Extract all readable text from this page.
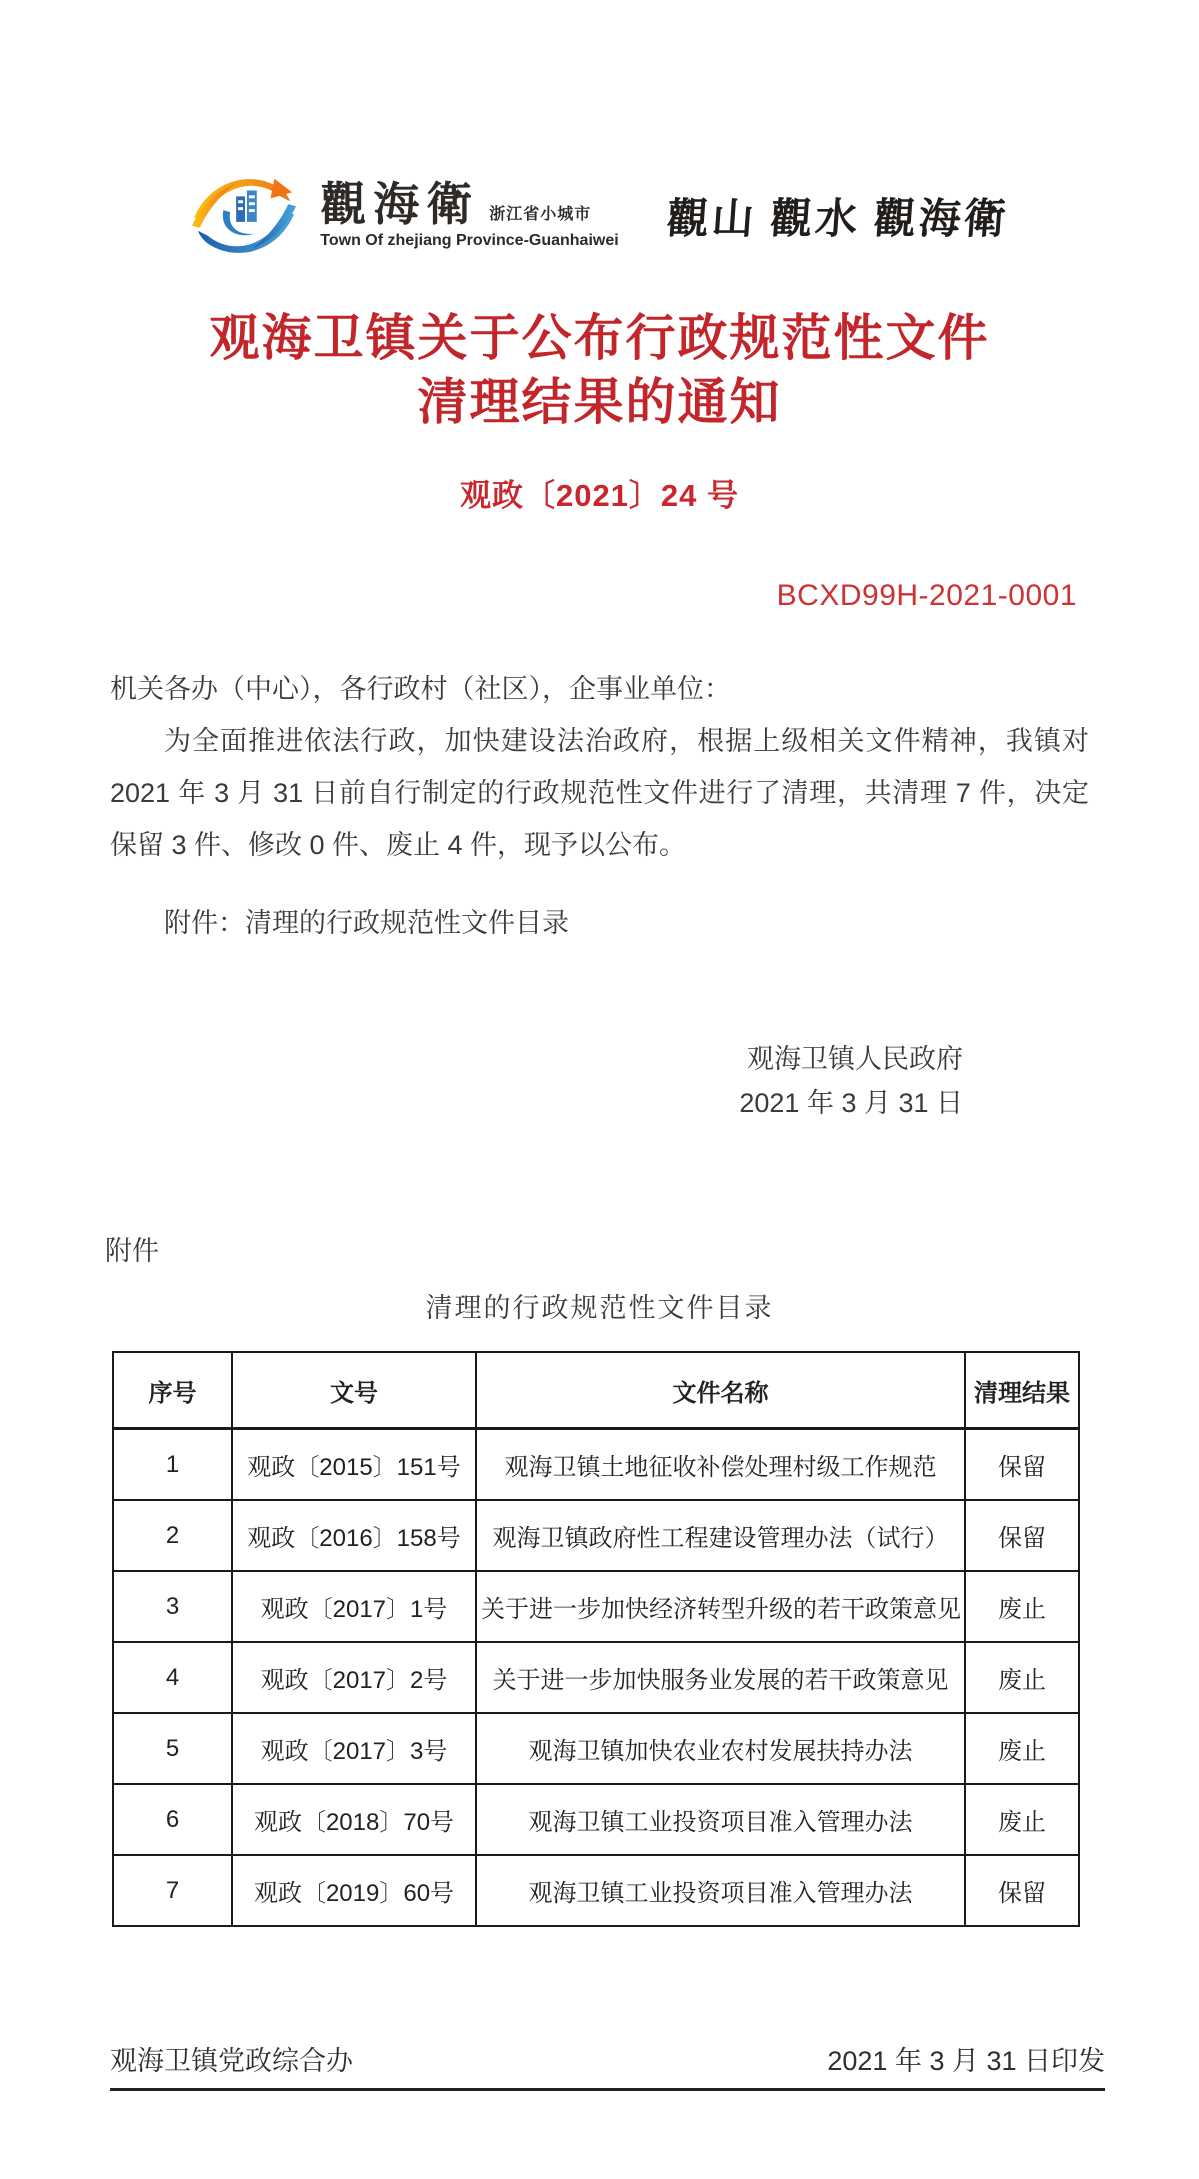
觀海衛 浙江省小城市
Town Of zhejiang Province-Guanhaiwei 觀山 觀水 觀海衛
观海卫镇关于公布行政规范性文件
清理结果的通知
观政〔2021〕24 号
BCXD99H-2021-0001
机关各办（中心），各行政村（社区），企事业单位：
为全面推进依法行政，加快建设法治政府，根据上级相关文件精神，我镇对 2021 年 3 月 31 日前自行制定的行政规范性文件进行了清理，共清理 7 件，决定保留 3 件、修改 0 件、废止 4 件，现予以公布。
附件：清理的行政规范性文件目录
观海卫镇人民政府
2021 年 3 月 31 日
附件
清理的行政规范性文件目录
序号	文号	文件名称	清理结果
1	观政〔2015〕151号	观海卫镇土地征收补偿处理村级工作规范	保留
2	观政〔2016〕158号	观海卫镇政府性工程建设管理办法（试行）	保留
3	观政〔2017〕1号	关于进一步加快经济转型升级的若干政策意见	废止
4	观政〔2017〕2号	关于进一步加快服务业发展的若干政策意见	废止
5	观政〔2017〕3号	观海卫镇加快农业农村发展扶持办法	废止
6	观政〔2018〕70号	观海卫镇工业投资项目准入管理办法	废止
7	观政〔2019〕60号	观海卫镇工业投资项目准入管理办法	保留
观海卫镇党政综合办	2021 年 3 月 31 日印发
